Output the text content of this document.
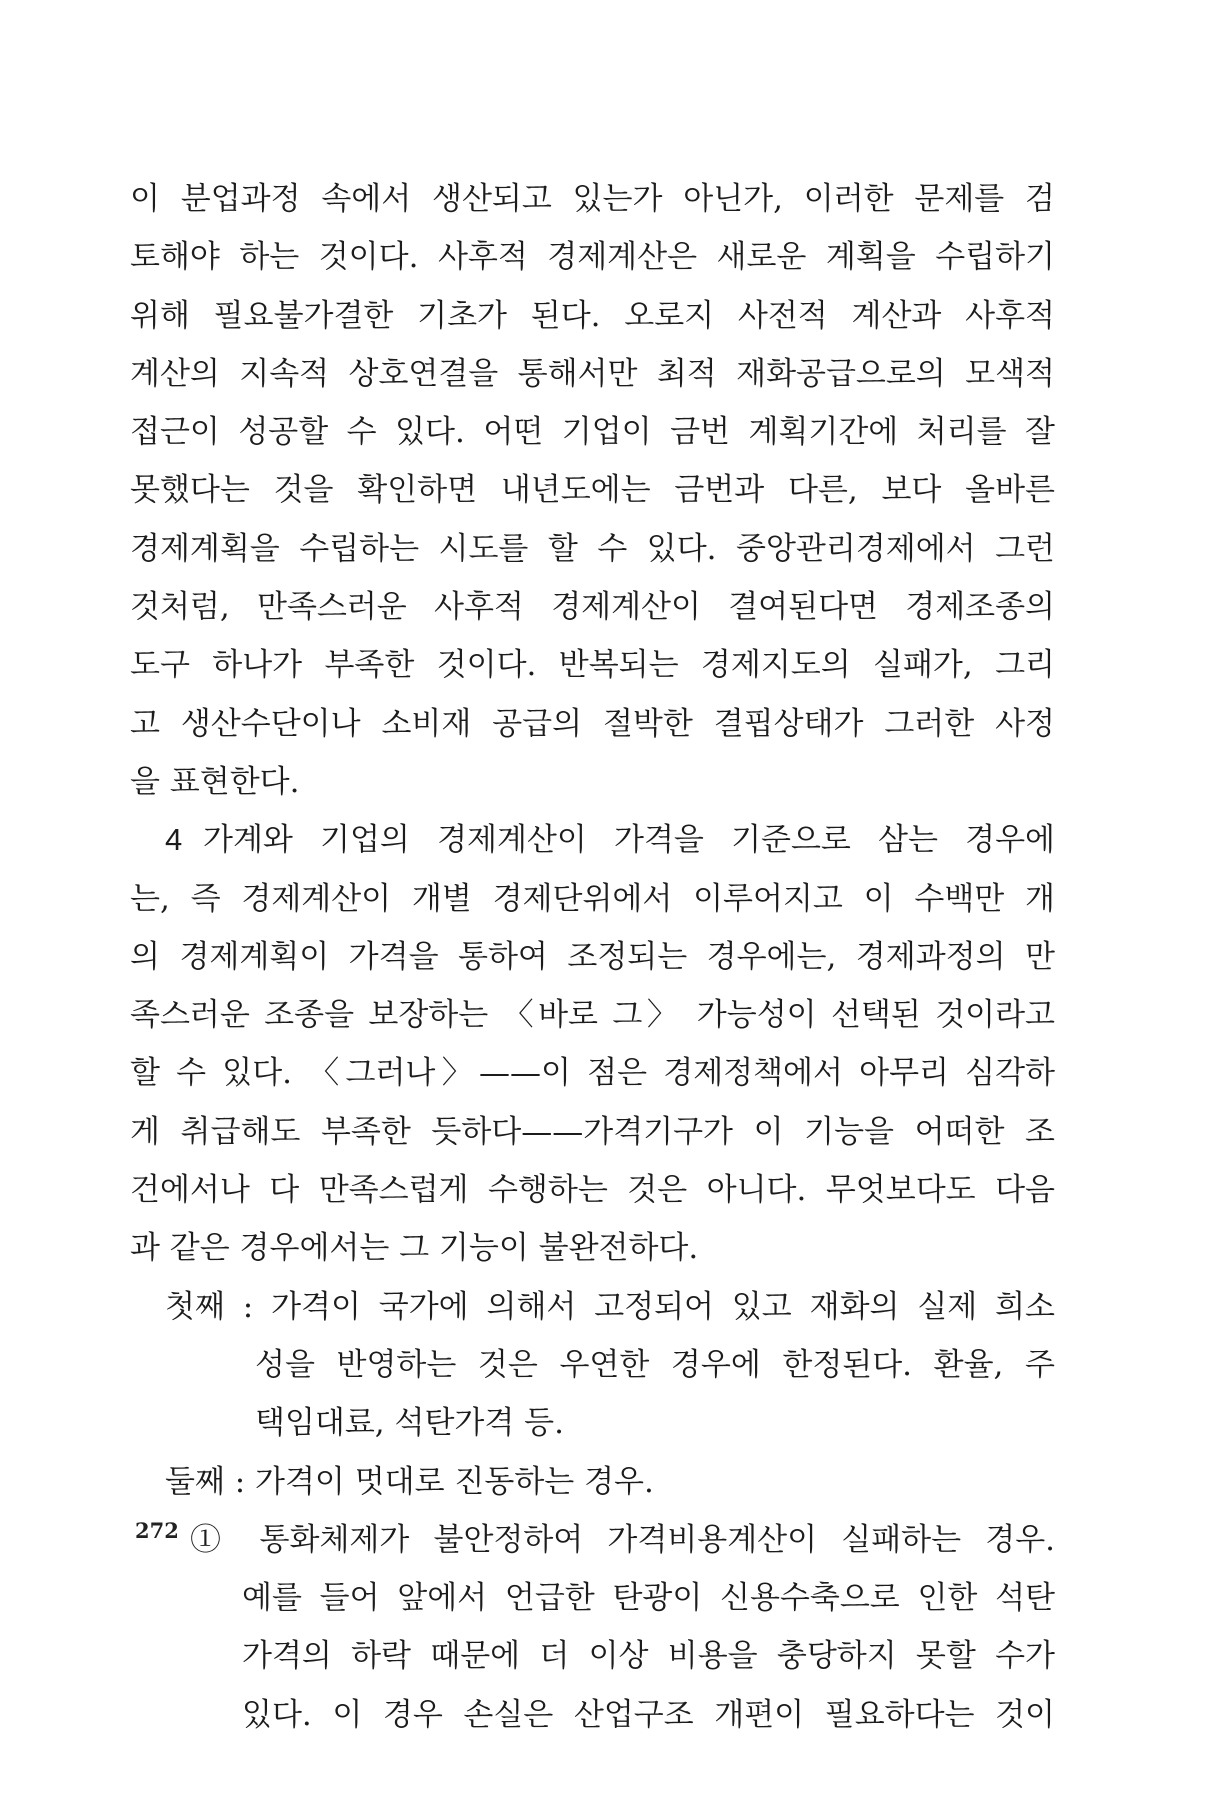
이 분업과정 속에서 생산되고 있는가 아닌가, 이러한 문제를 검
토해야 하는 것이다. 사후적 경제계산은 새로운 계획을 수립하기
위해 필요불가결한 기초가 된다. 오로지 사전적 계산과 사후적
계산의 지속적 상호연결을 통해서만 최적 재화공급으로의 모색적
접근이 성공할 수 있다. 어떤 기업이 금번 계획기간에 처리를 잘
못했다는 것을 확인하면 내년도에는 금번과 다른, 보다 올바른
경제계획을 수립하는 시도를 할 수 있다. 중앙관리경제에서 그런
것처럼, 만족스러운 사후적 경제계산이 결여된다면 경제조종의
도구 하나가 부족한 것이다. 반복되는 경제지도의 실패가, 그리
고 생산수단이나 소비재 공급의 절박한 결핍상태가 그러한 사정
을 표현한다.
4 가계와 기업의 경제계산이 가격을 기준으로 삼는 경우에
는, 즉 경제계산이 개별 경제단위에서 이루어지고 이 수백만 개
의 경제계획이 가격을 통하여 조정되는 경우에는, 경제과정의 만
족스러운 조종을 보장하는 〈바로 그〉 가능성이 선택된 것이라고
할 수 있다. 〈그러나〉——이 점은 경제정책에서 아무리 심각하
게 취급해도 부족한 듯하다——가격기구가 이 기능을 어떠한 조
건에서나 다 만족스럽게 수행하는 것은 아니다. 무엇보다도 다음
과 같은 경우에서는 그 기능이 불완전하다.
첫째 : 가격이 국가에 의해서 고정되어 있고 재화의 실제 희소
성을 반영하는 것은 우연한 경우에 한정된다. 환율, 주
택임대료, 석탄가격 등.
둘째 : 가격이 멋대로 진동하는 경우.
① 통화체제가 불안정하여 가격비용계산이 실패하는 경우.
예를 들어 앞에서 언급한 탄광이 신용수축으로 인한 석탄
가격의 하락 때문에 더 이상 비용을 충당하지 못할 수가
있다. 이 경우 손실은 산업구조 개편이 필요하다는 것이
272
